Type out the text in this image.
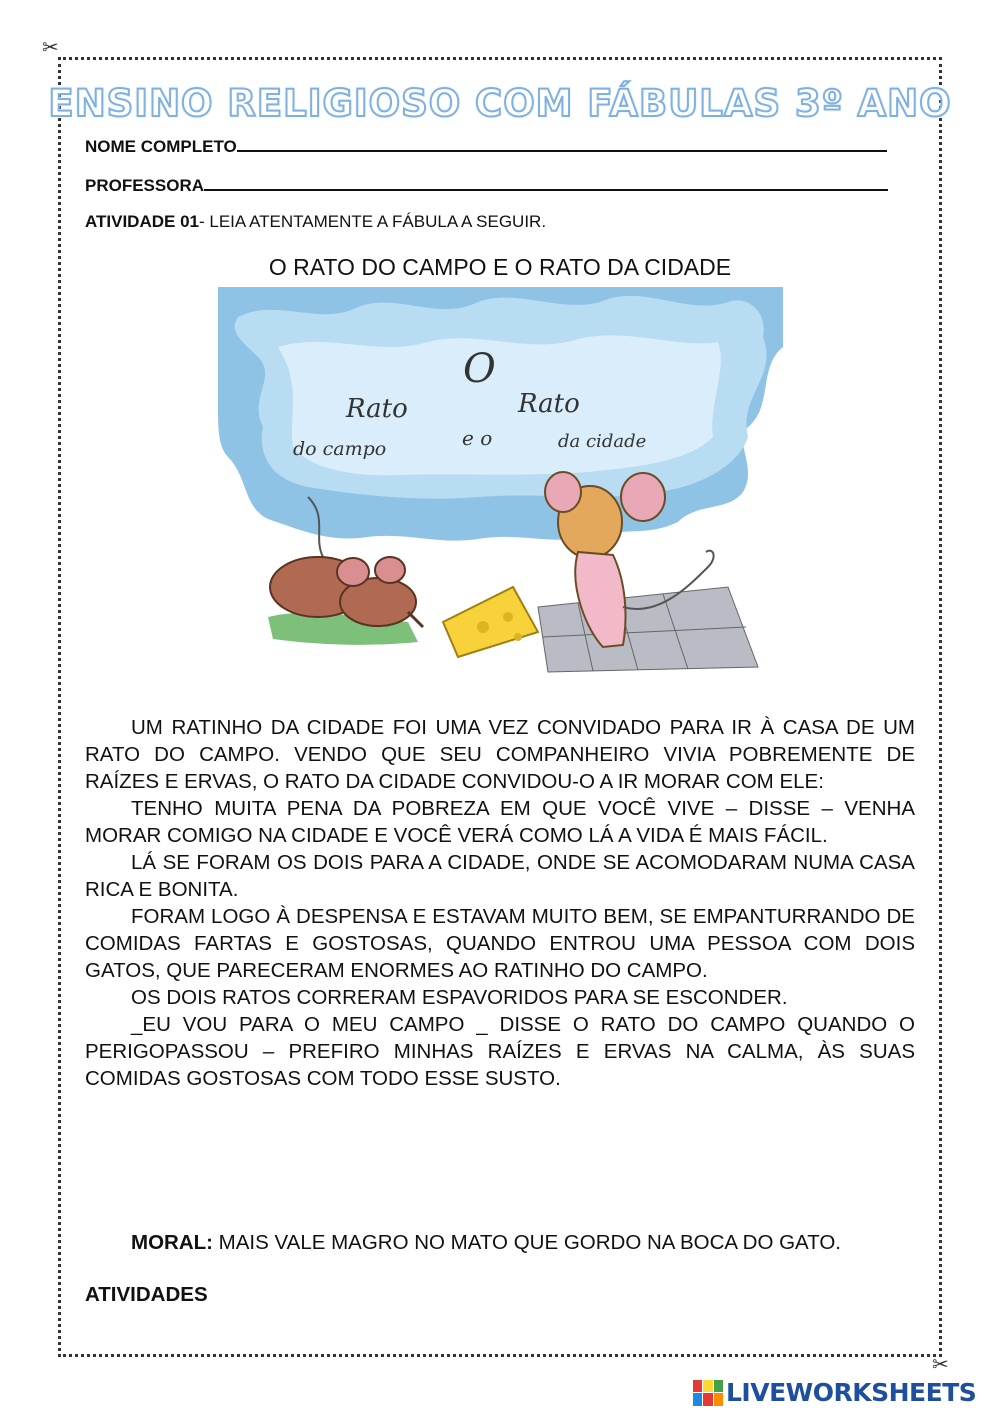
✂
✂
ENSINO RELIGIOSO COM FÁBULAS 3º ANO
NOME COMPLETO
PROFESSORA
ATIVIDADE 01- LEIA ATENTAMENTE A FÁBULA A SEGUIR.
O RATO DO CAMPO E O RATO DA CIDADE
O
Rato
do campo	e o
Rato
da cidade

UM RATINHO DA CIDADE FOI UMA VEZ CONVIDADO PARA IR À CASA DE UM RATO DO CAMPO. VENDO QUE SEU COMPANHEIRO VIVIA POBREMENTE DE RAÍZES E ERVAS, O RATO DA CIDADE CONVIDOU-O A IR MORAR COM ELE:

TENHO MUITA PENA DA POBREZA EM QUE VOCÊ VIVE – DISSE – VENHA MORAR COMIGO NA CIDADE E VOCÊ VERÁ COMO LÁ A VIDA É MAIS FÁCIL.

LÁ SE FORAM OS DOIS PARA A CIDADE, ONDE SE ACOMODARAM NUMA CASA RICA E BONITA.

FORAM LOGO À DESPENSA E ESTAVAM MUITO BEM, SE EMPANTURRANDO DE COMIDAS FARTAS E GOSTOSAS, QUANDO ENTROU UMA PESSOA COM DOIS GATOS, QUE PARECERAM ENORMES AO RATINHO DO CAMPO.

OS DOIS RATOS CORRERAM ESPAVORIDOS PARA SE ESCONDER.

_EU VOU PARA O MEU CAMPO _ DISSE O RATO DO CAMPO QUANDO O PERIGOPASSOU – PREFIRO MINHAS RAÍZES E ERVAS NA CALMA, ÀS SUAS COMIDAS GOSTOSAS COM TODO ESSE SUSTO.

MORAL: MAIS VALE MAGRO NO MATO QUE GORDO NA BOCA DO GATO.
ATIVIDADES
LIVEWORKSHEETS
